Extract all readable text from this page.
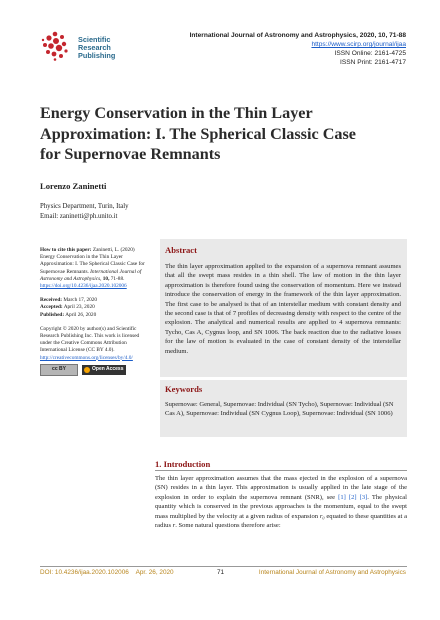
Scientific
Research
Publishing
International Journal of Astronomy and Astrophysics, 2020, 10, 71-88
https://www.scirp.org/journal/ijaa
ISSN Online: 2161-4725
ISSN Print: 2161-4717
Energy Conservation in the Thin Layer Approximation: I. The Spherical Classic Case for Supernovae Remnants
Lorenzo Zaninetti
Physics Department, Turin, Italy
Email: zaninetti@ph.unito.it

How to cite this paper: Zaninetti, L. (2020) Energy Conservation in the Thin Layer Approximation: I. The Spherical Classic Case for Supernovae Remnants. International Journal of Astronomy and Astrophysics, 10, 71-88.
https://doi.org/10.4236/ijaa.2020.102006

Received: March 17, 2020
Accepted: April 23, 2020
Published: April 26, 2020

Copyright © 2020 by author(s) and Scientific Research Publishing Inc. This work is licensed under the Creative Commons Attribution International License (CC BY 4.0).
http://creativecommons.org/licenses/by/4.0/

cc BY	Open Access
Abstract
The thin layer approximation applied to the expansion of a supernova remnant assumes that all the swept mass resides in a thin shell. The law of motion in the thin layer approximation is therefore found using the conservation of momentum. Here we instead introduce the conservation of energy in the framework of the thin layer approximation. The first case to be analysed is that of an interstellar medium with constant density and the second case is that of 7 profiles of decreasing density with respect to the centre of the explosion. The analytical and numerical results are applied to 4 supernova remnants: Tycho, Cas A, Cygnus loop, and SN 1006. The back reaction due to the radiative losses for the law of motion is evaluated in the case of constant density of the interstellar medium.
Keywords
Supernovae: General, Supernovae: Individual (SN Tycho), Supernovae: Individual (SN Cas A), Supernovae: Individual (SN Cygnus Loop), Supernovae: Individual (SN 1006)
1. Introduction
The thin layer approximation assumes that the mass ejected in the explosion of a supernova (SN) resides in a thin layer. This approximation is usually applied in the late stage of the explosion in order to explain the supernova remnant (SNR), see [1] [2] [3]. The physical quantity which is conserved in the previous approaches is the momentum, equal to the swept mass multiplied by the velocity at a given radius of expansion r₀ equated to these quantities at a radius r. Some natural questions therefore arise:
DOI: 10.4236/ijaa.2020.102006 Apr. 26, 2020	71	International Journal of Astronomy and Astrophysics
